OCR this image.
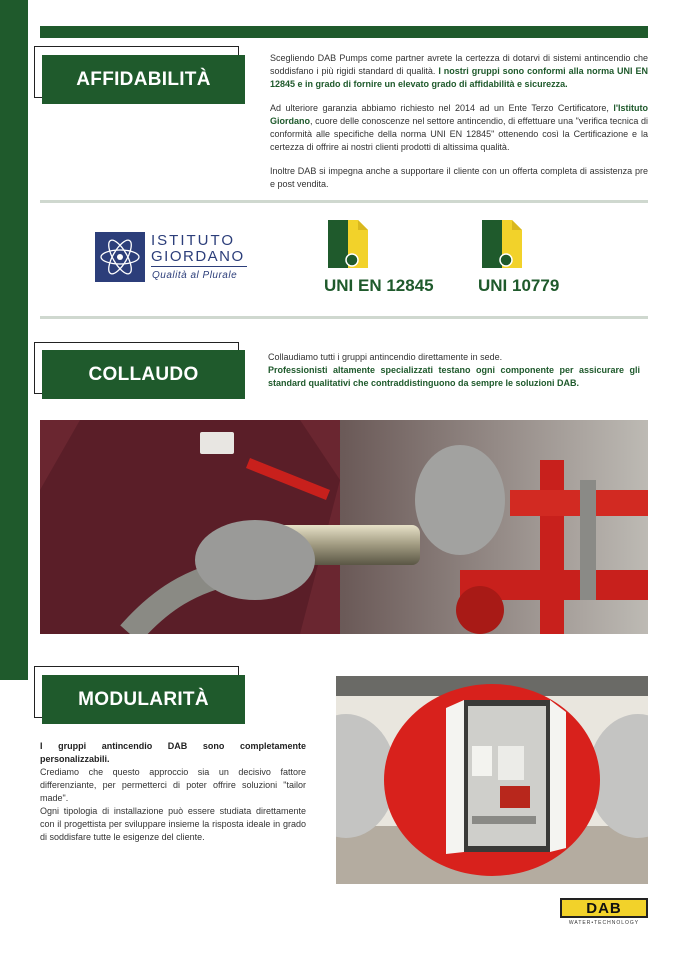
AFFIDABILITÀ

Scegliendo DAB Pumps come partner avrete la certezza di dotarvi di sistemi antincendio che soddisfano i più rigidi standard di qualità. I nostri gruppi sono conformi alla norma UNI EN 12845 e in grado di fornire un elevato grado di affidabilità e sicurezza.

Ad ulteriore garanzia abbiamo richiesto nel 2014 ad un Ente Terzo Certificatore, l'Istituto Giordano, cuore delle conoscenze nel settore antincendio, di effettuare una "verifica tecnica di conformità alle specifiche della norma UNI EN 12845" ottenendo così la Certificazione e la certezza di offrire ai nostri clienti prodotti di altissima qualità.

Inoltre DAB si impegna anche a supportare il cliente con un offerta completa di assistenza pre e post vendita.

ISTITUTO
GIORDANO
Qualità al Plurale
UNI EN 12845	UNI 10779
COLLAUDO

Collaudiamo tutti i gruppi antincendio direttamente in sede.

Professionisti altamente specializzati testano ogni componente per assicurare gli standard qualitativi che contraddistinguono da sempre le soluzioni DAB.

MODULARITÀ

I gruppi antincendio DAB sono completamente personalizzabili.
Crediamo che questo approccio sia un decisivo fattore differenziante, per permetterci di poter offrire soluzioni "tailor made".
Ogni tipologia di installazione può essere studiata direttamente con il progettista per sviluppare insieme la risposta ideale in grado di soddisfare tutte le esigenze del cliente.

DAB
WATER•TECHNOLOGY
